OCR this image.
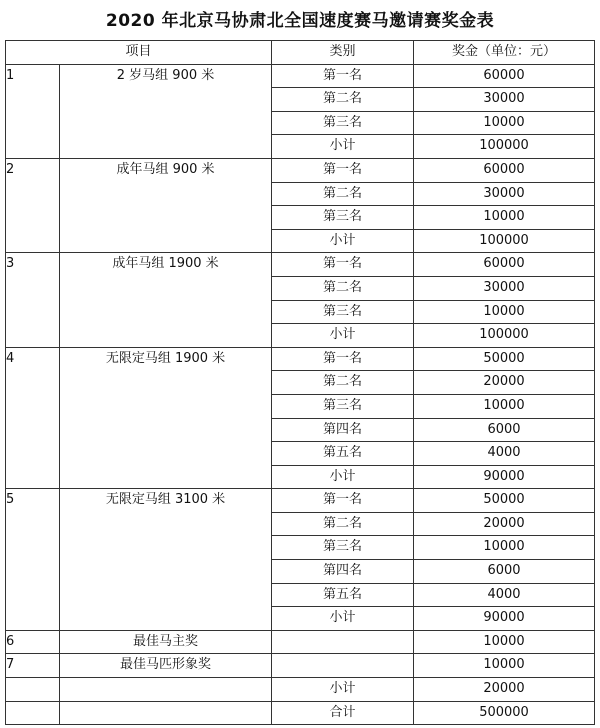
2020 年北京马协肃北全国速度赛马邀请赛奖金表
项目		类别	奖金（单位：元）
1	2 岁马组 900 米	第一名	60000
		第二名	30000
		第三名	10000
		小计	100000
2	成年马组 900 米	第一名	60000
		第二名	30000
		第三名	10000
		小计	100000
3	成年马组 1900 米	第一名	60000
		第二名	30000
		第三名	10000
		小计	100000
4	无限定马组 1900 米	第一名	50000
		第二名	20000
		第三名	10000
		第四名	6000
		第五名	4000
		小计	90000
5	无限定马组 3100 米	第一名	50000
		第二名	20000
		第三名	10000
		第四名	6000
		第五名	4000
		小计	90000
6	最佳马主奖		10000
7	最佳马匹形象奖		10000
		小计	20000
		合计	500000
